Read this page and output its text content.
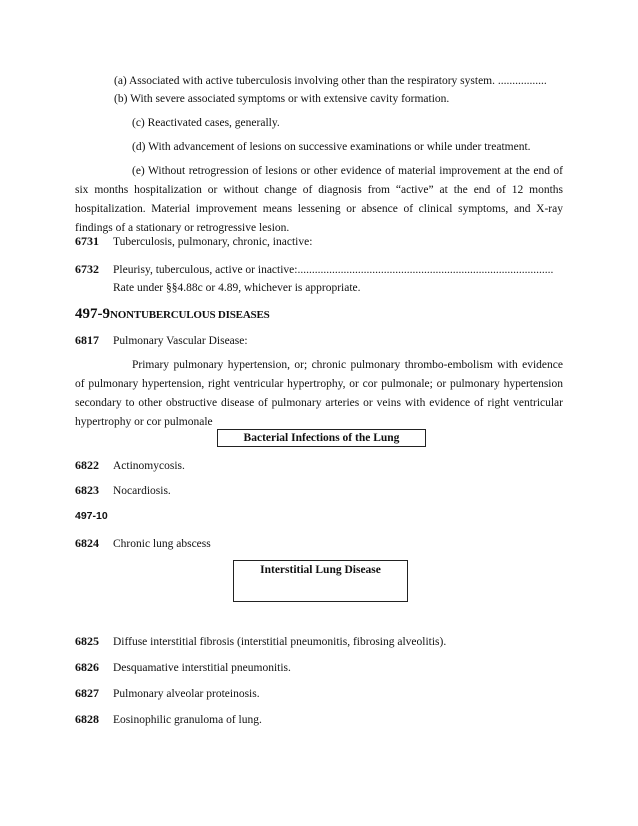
(a) Associated with active tuberculosis involving other than the respiratory system. .................
(b) With severe associated symptoms or with extensive cavity formation.
(c) Reactivated cases, generally.
(d) With advancement of lesions on successive examinations or while under treatment.
(e) Without retrogression of lesions or other evidence of material improvement at the end of six months hospitalization or without change of diagnosis from “active” at the end of 12 months hospitalization. Material improvement means lessening or absence of clinical symptoms, and X-ray findings of a stationary or retrogressive lesion.
6731 Tuberculosis, pulmonary, chronic, inactive:
6732 Pleurisy, tuberculous, active or inactive:.........................................................................................
Rate under §§4.88c or 4.89, whichever is appropriate.
497-9NONTUBERCULOUS DISEASES
6817 Pulmonary Vascular Disease:
Primary pulmonary hypertension, or; chronic pulmonary thrombo-embolism with evidence of pulmonary hypertension, right ventricular hypertrophy, or cor pulmonale; or pulmonary hypertension secondary to other obstructive disease of pulmonary arteries or veins with evidence of right ventricular hypertrophy or cor pulmonale
Bacterial Infections of the Lung
6822 Actinomycosis.
6823 Nocardiosis.
497-10
6824 Chronic lung abscess
Interstitial Lung Disease
6825 Diffuse interstitial fibrosis (interstitial pneumonitis, fibrosing alveolitis).
6826 Desquamative interstitial pneumonitis.
6827 Pulmonary alveolar proteinosis.
6828 Eosinophilic granuloma of lung.
